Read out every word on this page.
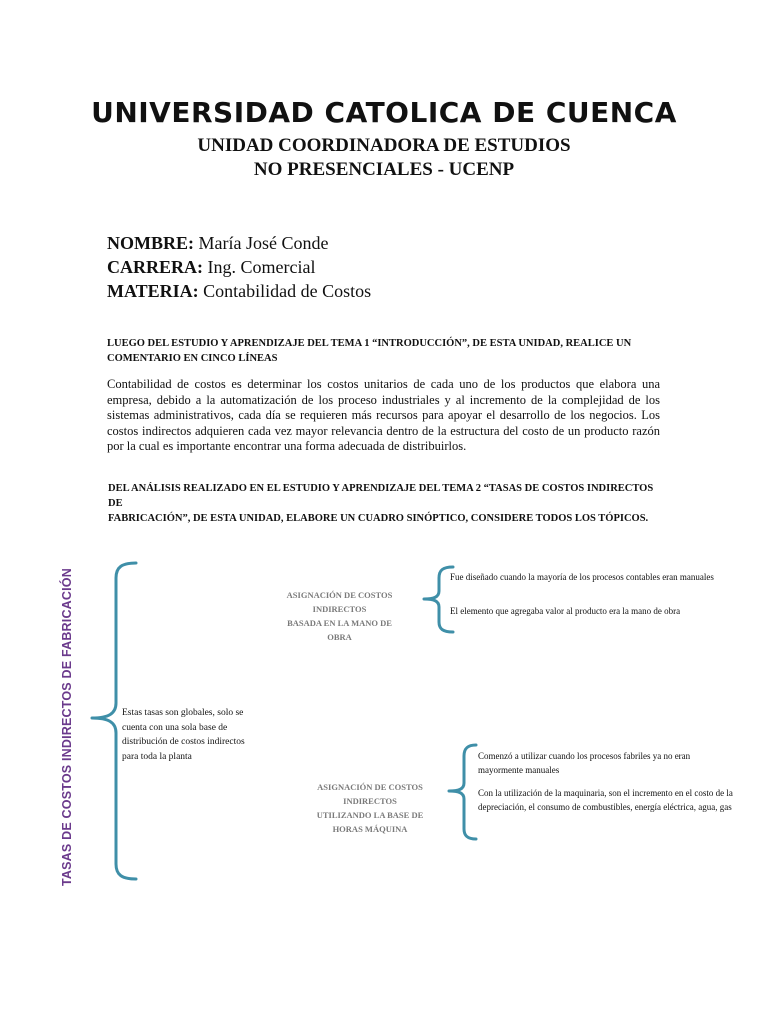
UNIVERSIDAD CATOLICA DE CUENCA
UNIDAD COORDINADORA DE ESTUDIOS
NO PRESENCIALES - UCENP
NOMBRE: María José Conde
CARRERA: Ing. Comercial
MATERIA: Contabilidad de Costos
LUEGO DEL ESTUDIO Y APRENDIZAJE DEL TEMA 1 “INTRODUCCIÓN”, DE ESTA UNIDAD, REALICE UN
COMENTARIO EN CINCO LÍNEAS
Contabilidad de costos es determinar los costos unitarios de cada uno de los productos que elabora una empresa, debido a la automatización de los proceso industriales y al incremento de la complejidad de los sistemas administrativos, cada día se requieren más recursos para apoyar el desarrollo de los negocios. Los costos indirectos adquieren cada vez mayor relevancia dentro de la estructura del costo de un producto razón por la cual es importante encontrar una forma adecuada de distribuirlos.
DEL ANÁLISIS REALIZADO EN EL ESTUDIO Y APRENDIZAJE DEL TEMA 2 “TASAS DE COSTOS INDIRECTOS DE
FABRICACIÓN”, DE ESTA UNIDAD, ELABORE UN CUADRO SINÓPTICO, CONSIDERE TODOS LOS TÓPICOS.
TASAS DE COSTOS INDIRECTOS DE FABRICACIÓN	Estas tasas son globales, solo se cuenta con una sola base de distribución de costos indirectos para toda la planta
ASIGNACIÓN DE COSTOS INDIRECTOS
BASADA EN LA MANO DE
OBRA
Fue diseñado cuando la mayoría de los procesos contables eran manuales
El elemento que agregaba valor al producto era la mano de obra
ASIGNACIÓN DE COSTOS INDIRECTOS
UTILIZANDO LA BASE DE
HORAS MÁQUINA
Comenzó a utilizar cuando los procesos fabriles ya no eran mayormente manuales
Con la utilización de la maquinaria, son el incremento en el costo de la depreciación, el consumo de combustibles, energía eléctrica, agua, gas
